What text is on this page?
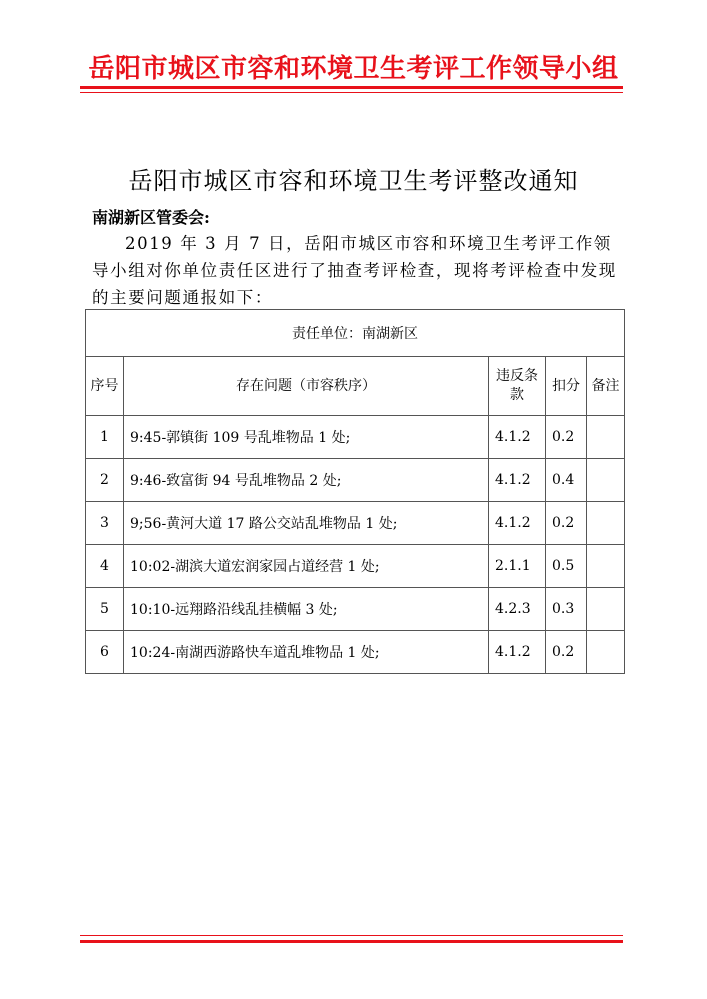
岳阳市城区市容和环境卫生考评工作领导小组
岳阳市城区市容和环境卫生考评整改通知
南湖新区管委会:

2019 年 3 月 7 日，岳阳市城区市容和环境卫生考评工作领导小组对你单位责任区进行了抽查考评检查，现将考评检查中发现的主要问题通报如下：

责任单位：南湖新区				
序号	存在问题（市容秩序）	违反条款	扣分	备注
1	9:45-郭镇街 109 号乱堆物品 1 处;	4.1.2	0.2	
2	9:46-致富街 94 号乱堆物品 2 处;	4.1.2	0.4	
3	9;56-黄河大道 17 路公交站乱堆物品 1 处;	4.1.2	0.2	
4	10:02-湖滨大道宏润家园占道经营 1 处;	2.1.1	0.5	
5	10:10-远翔路沿线乱挂横幅 3 处;	4.2.3	0.3	
6	10:24-南湖西游路快车道乱堆物品 1 处;	4.1.2	0.2	
